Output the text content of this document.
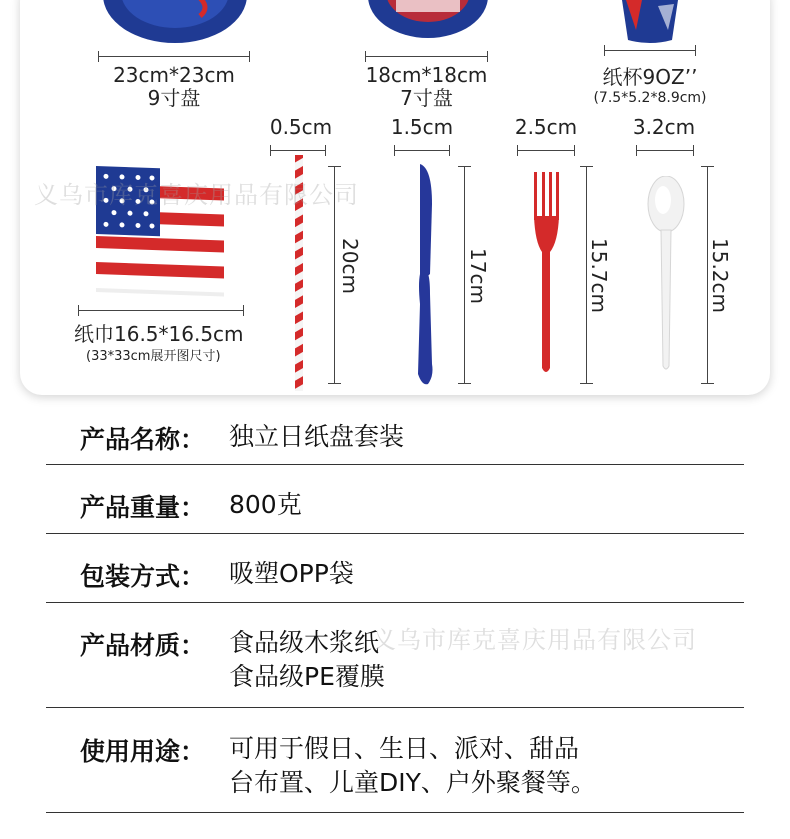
23cm*23cm
9寸盘
18cm*18cm
7寸盘
纸杯9OZ’’
(7.5*5.2*8.9cm)
0.5cm	1.5cm	2.5cm	3.2cm
纸巾16.5*16.5cm
(33*33cm展开图尺寸)
20cm	17cm	15.7cm	15.2cm
义乌市库克喜庆用品有限公司
义乌市库克喜庆用品有限公司
产品名称： 独立日纸盘套装
产品重量： 800克
包装方式： 吸塑OPP袋
产品材质： 食品级木浆纸
食品级PE覆膜
使用用途： 可用于假日、生日、派对、甜品
台布置、儿童DIY、户外聚餐等。
